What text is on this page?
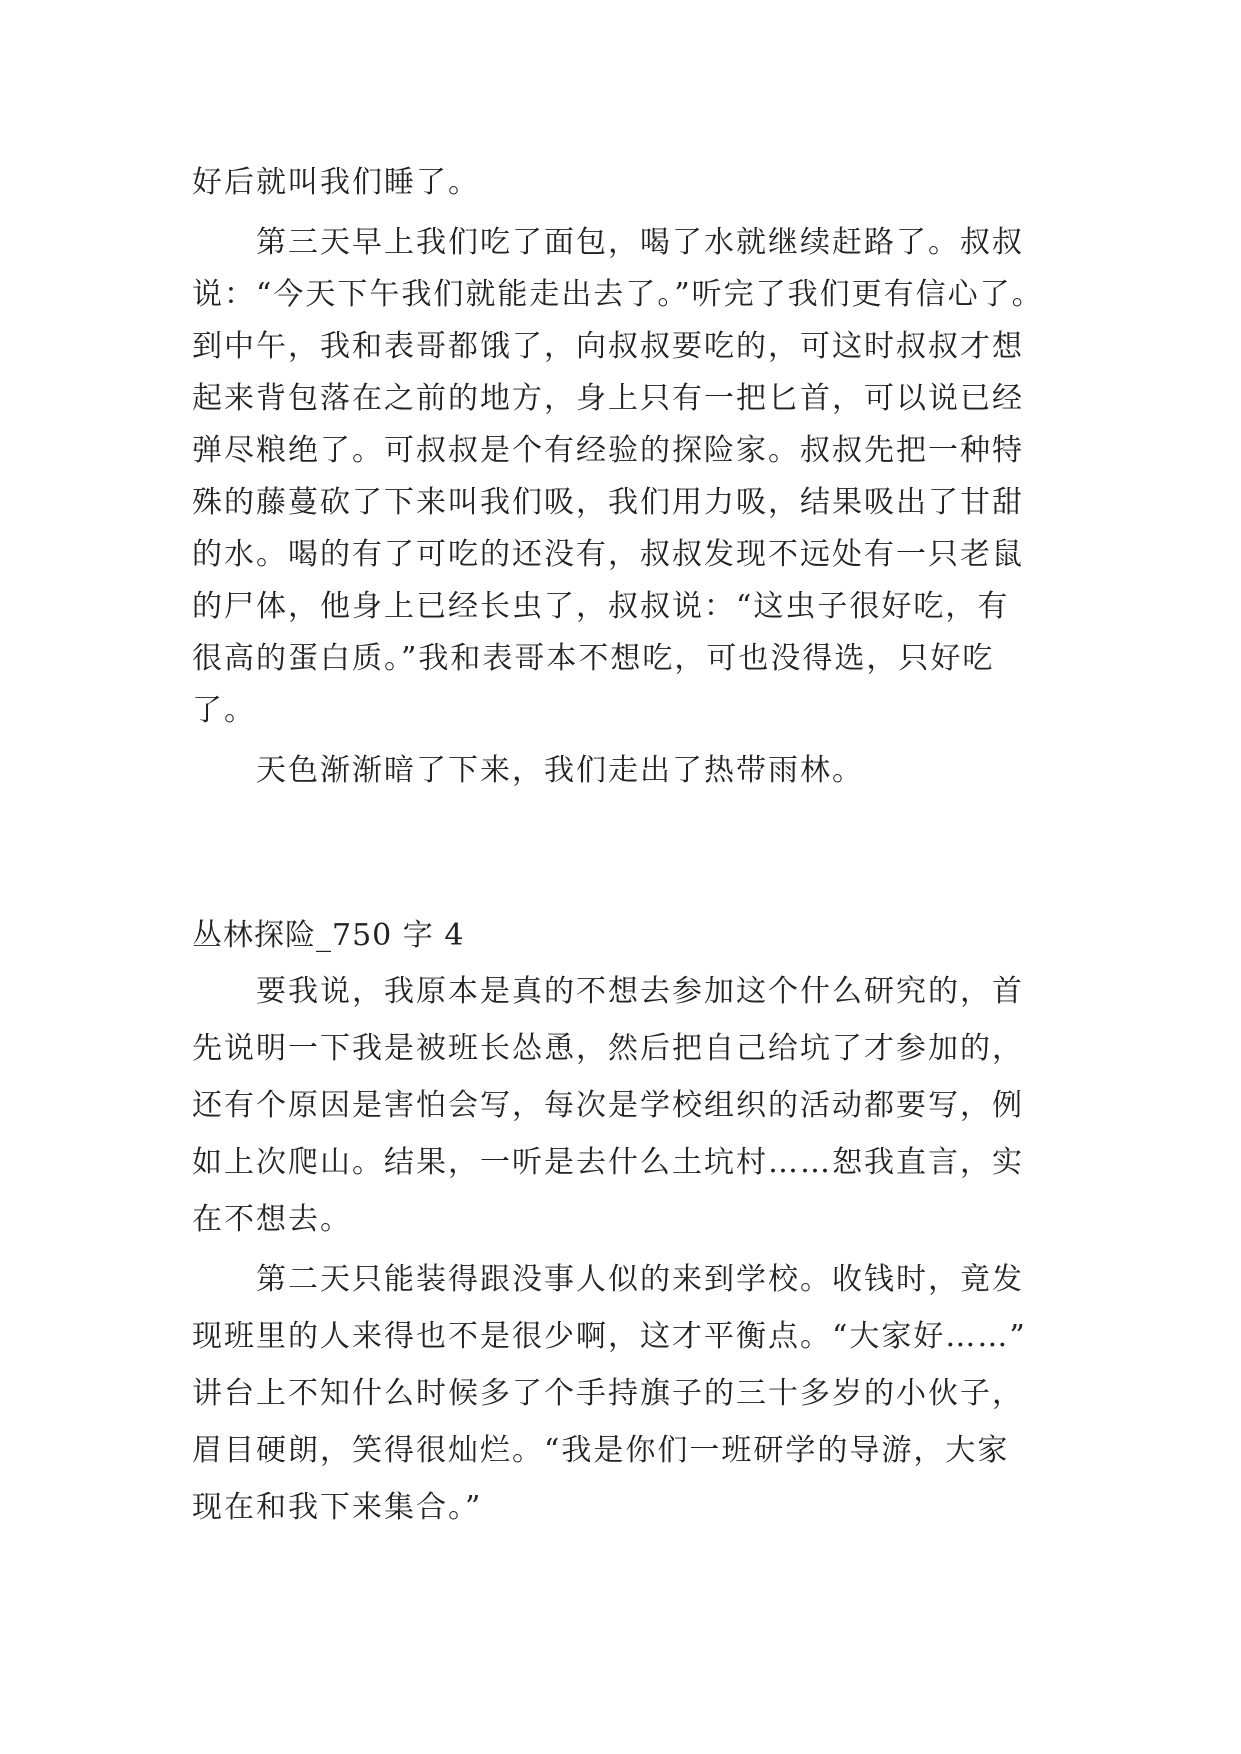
好后就叫我们睡了。
第三天早上我们吃了面包，喝了水就继续赶路了。叔叔
说：“今天下午我们就能走出去了。”听完了我们更有信心了。
到中午，我和表哥都饿了，向叔叔要吃的，可这时叔叔才想
起来背包落在之前的地方，身上只有一把匕首，可以说已经
弹尽粮绝了。可叔叔是个有经验的探险家。叔叔先把一种特
殊的藤蔓砍了下来叫我们吸，我们用力吸，结果吸出了甘甜
的水。喝的有了可吃的还没有，叔叔发现不远处有一只老鼠
的尸体，他身上已经长虫了，叔叔说：“这虫子很好吃，有
很高的蛋白质。”我和表哥本不想吃，可也没得选，只好吃
了。
天色渐渐暗了下来，我们走出了热带雨林。
丛林探险_750 字 4
要我说，我原本是真的不想去参加这个什么研究的，首
先说明一下我是被班长怂恿，然后把自己给坑了才参加的，
还有个原因是害怕会写，每次是学校组织的活动都要写，例
如上次爬山。结果，一听是去什么土坑村……恕我直言，实
在不想去。
第二天只能装得跟没事人似的来到学校。收钱时，竟发
现班里的人来得也不是很少啊，这才平衡点。“大家好……”
讲台上不知什么时候多了个手持旗子的三十多岁的小伙子，
眉目硬朗，笑得很灿烂。“我是你们一班研学的导游，大家
现在和我下来集合。”
